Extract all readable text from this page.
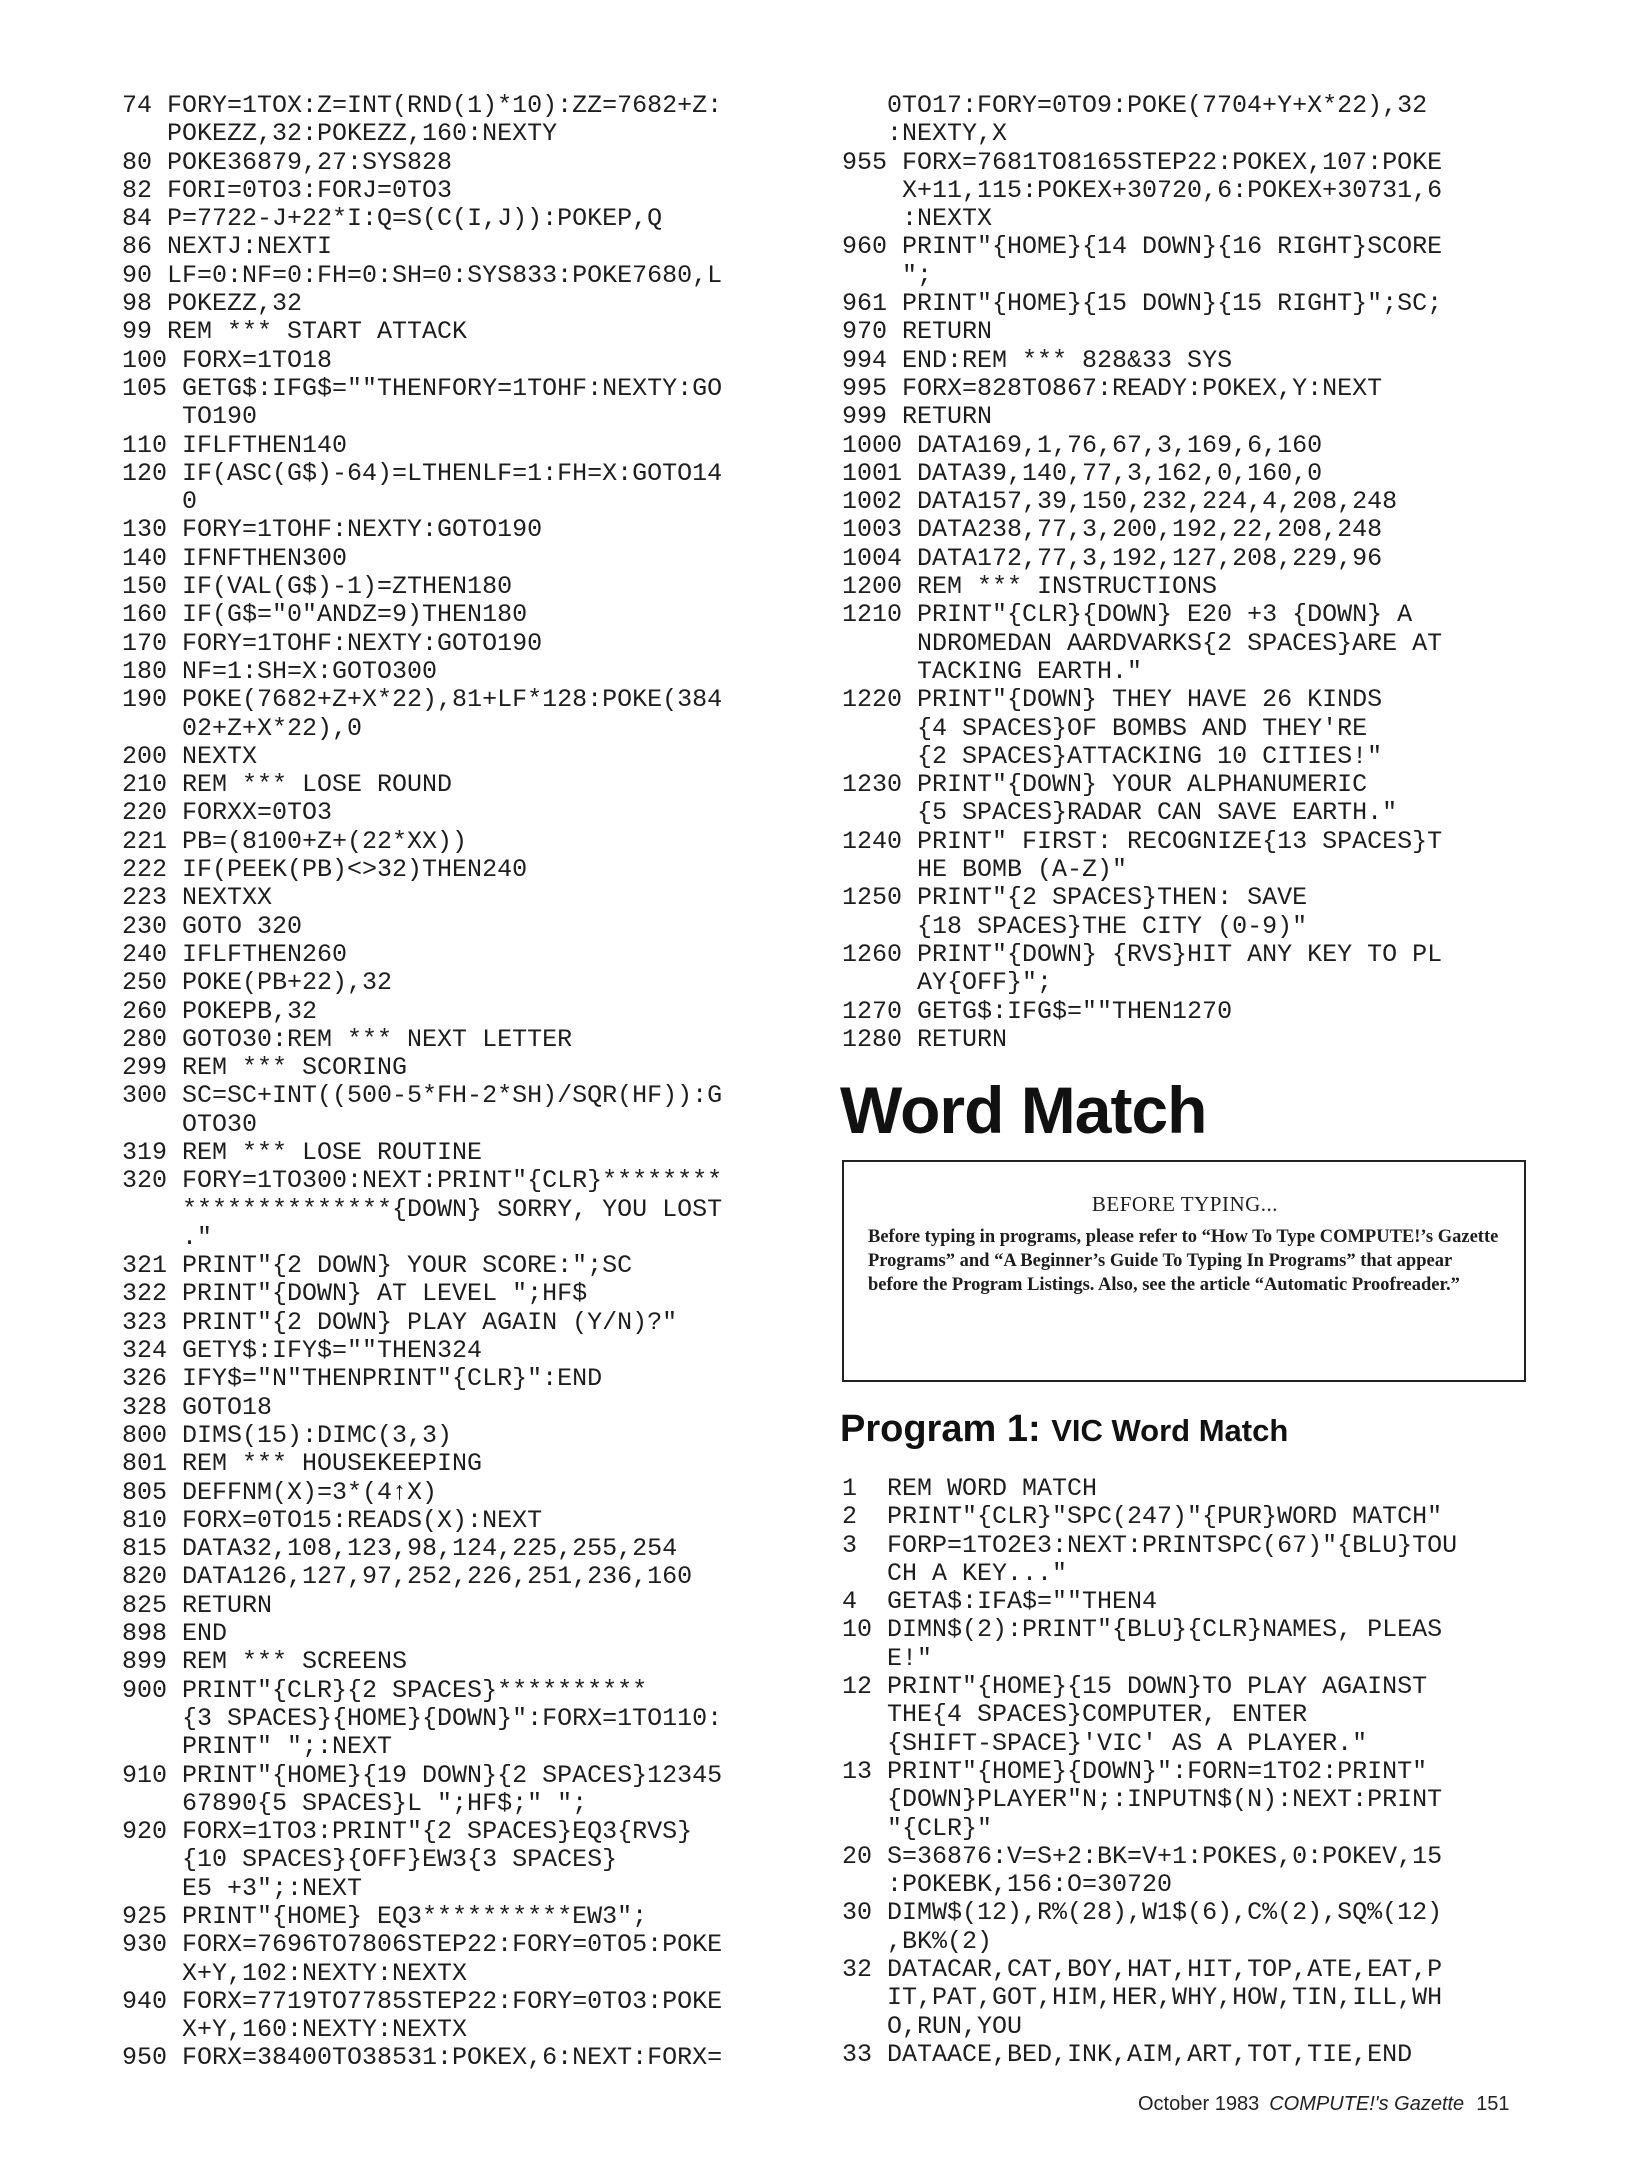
74 FORY=1TOX:Z=INT(RND(1)*10):ZZ=7682+Z:
POKEZZ,32:POKEZZ,160:NEXTY
80 POKE36879,27:SYS828
82 FORI=0TO3:FORJ=0TO3
84 P=7722-J+22*I:Q=S(C(I,J)):POKEP,Q
86 NEXTJ:NEXTI
90 LF=0:NF=0:FH=0:SH=0:SYS833:POKE7680,L
98 POKEZZ,32
99 REM *** START ATTACK
100 FORX=1TO18
105 GETG$:IFG$=""THENFORY=1TOHF:NEXTY:GO
TO190
110 IFLFTHEN140
120 IF(ASC(G$)-64)=LTHENLF=1:FH=X:GOTO14
0
130 FORY=1TOHF:NEXTY:GOTO190
140 IFNFTHEN300
150 IF(VAL(G$)-1)=ZTHEN180
160 IF(G$="0"ANDZ=9)THEN180
170 FORY=1TOHF:NEXTY:GOTO190
180 NF=1:SH=X:GOTO300
190 POKE(7682+Z+X*22),81+LF*128:POKE(384
02+Z+X*22),0
200 NEXTX
210 REM *** LOSE ROUND
220 FORXX=0TO3
221 PB=(8100+Z+(22*XX))
222 IF(PEEK(PB)<>32)THEN240
223 NEXTXX
230 GOTO 320
240 IFLFTHEN260
250 POKE(PB+22),32
260 POKEPB,32
280 GOTO30:REM *** NEXT LETTER
299 REM *** SCORING
300 SC=SC+INT((500-5*FH-2*SH)/SQR(HF)):G
OTO30
319 REM *** LOSE ROUTINE
320 FORY=1TO300:NEXT:PRINT"{CLR}********
**************{DOWN} SORRY, YOU LOST
."
321 PRINT"{2 DOWN} YOUR SCORE:";SC
322 PRINT"{DOWN} AT LEVEL ";HF$
323 PRINT"{2 DOWN} PLAY AGAIN (Y/N)?"
324 GETY$:IFY$=""THEN324
326 IFY$="N"THENPRINT"{CLR}":END
328 GOTO18
800 DIMS(15):DIMC(3,3)
801 REM *** HOUSEKEEPING
805 DEFFNM(X)=3*(4↑X)
810 FORX=0TO15:READS(X):NEXT
815 DATA32,108,123,98,124,225,255,254
820 DATA126,127,97,252,226,251,236,160
825 RETURN
898 END
899 REM *** SCREENS
900 PRINT"{CLR}{2 SPACES}**********
{3 SPACES}{HOME}{DOWN}":FORX=1TO110:
PRINT" ";:NEXT
910 PRINT"{HOME}{19 DOWN}{2 SPACES}12345
67890{5 SPACES}L ";HF$;" ";
920 FORX=1TO3:PRINT"{2 SPACES}EQ3{RVS}
{10 SPACES}{OFF}EW3{3 SPACES}
E5 +3";:NEXT
925 PRINT"{HOME} EQ3**********EW3";
930 FORX=7696TO7806STEP22:FORY=0TO5:POKE
X+Y,102:NEXTY:NEXTX
940 FORX=7719TO7785STEP22:FORY=0TO3:POKE
X+Y,160:NEXTY:NEXTX
950 FORX=38400TO38531:POKEX,6:NEXT:FORX=
0TO17:FORY=0TO9:POKE(7704+Y+X*22),32
:NEXTY,X
955 FORX=7681TO8165STEP22:POKEX,107:POKE
X+11,115:POKEX+30720,6:POKEX+30731,6
:NEXTX
960 PRINT"{HOME}{14 DOWN}{16 RIGHT}SCORE
";
961 PRINT"{HOME}{15 DOWN}{15 RIGHT}";SC;
970 RETURN
994 END:REM *** 828&33 SYS
995 FORX=828TO867:READY:POKEX,Y:NEXT
999 RETURN
1000 DATA169,1,76,67,3,169,6,160
1001 DATA39,140,77,3,162,0,160,0
1002 DATA157,39,150,232,224,4,208,248
1003 DATA238,77,3,200,192,22,208,248
1004 DATA172,77,3,192,127,208,229,96
1200 REM *** INSTRUCTIONS
1210 PRINT"{CLR}{DOWN} E20 +3 {DOWN} A
NDROMEDAN AARDVARKS{2 SPACES}ARE AT
TACKING EARTH."
1220 PRINT"{DOWN} THEY HAVE 26 KINDS
{4 SPACES}OF BOMBS AND THEY'RE
{2 SPACES}ATTACKING 10 CITIES!"
1230 PRINT"{DOWN} YOUR ALPHANUMERIC
{5 SPACES}RADAR CAN SAVE EARTH."
1240 PRINT" FIRST: RECOGNIZE{13 SPACES}T
HE BOMB (A-Z)"
1250 PRINT"{2 SPACES}THEN: SAVE
{18 SPACES}THE CITY (0-9)"
1260 PRINT"{DOWN} {RVS}HIT ANY KEY TO PL
AY{OFF}";
1270 GETG$:IFG$=""THEN1270
1280 RETURN
Word Match

BEFORE TYPING...

Before typing in programs, please refer to “How To Type COMPUTE!’s Gazette Programs” and “A Beginner’s Guide To Typing In Programs” that appear before the Program Listings. Also, see the article “Automatic Proofreader.”

Program 1: VIC Word Match
1	REM WORD MATCH
2	PRINT"{CLR}"SPC(247)"{PUR}WORD MATCH"
3	FORP=1TO2E3:NEXT:PRINTSPC(67)"{BLU}TOU
CH A KEY..."
4	GETA$:IFA$=""THEN4
10 DIMN$(2):PRINT"{BLU}{CLR}NAMES, PLEAS
E!"
12 PRINT"{HOME}{15 DOWN}TO PLAY AGAINST
THE{4 SPACES}COMPUTER, ENTER
{SHIFT-SPACE}'VIC' AS A PLAYER."
13 PRINT"{HOME}{DOWN}":FORN=1TO2:PRINT"
{DOWN}PLAYER"N;:INPUTN$(N):NEXT:PRINT
"{CLR}"
20 S=36876:V=S+2:BK=V+1:POKES,0:POKEV,15
:POKEBK,156:O=30720
30 DIMW$(12),R%(28),W1$(6),C%(2),SQ%(12)
,BK%(2)
32 DATACAR,CAT,BOY,HAT,HIT,TOP,ATE,EAT,P
IT,PAT,GOT,HIM,HER,WHY,HOW,TIN,ILL,WH
O,RUN,YOU
33 DATAACE,BED,INK,AIM,ART,TOT,TIE,END
October 1983 COMPUTE!'s Gazette 151
